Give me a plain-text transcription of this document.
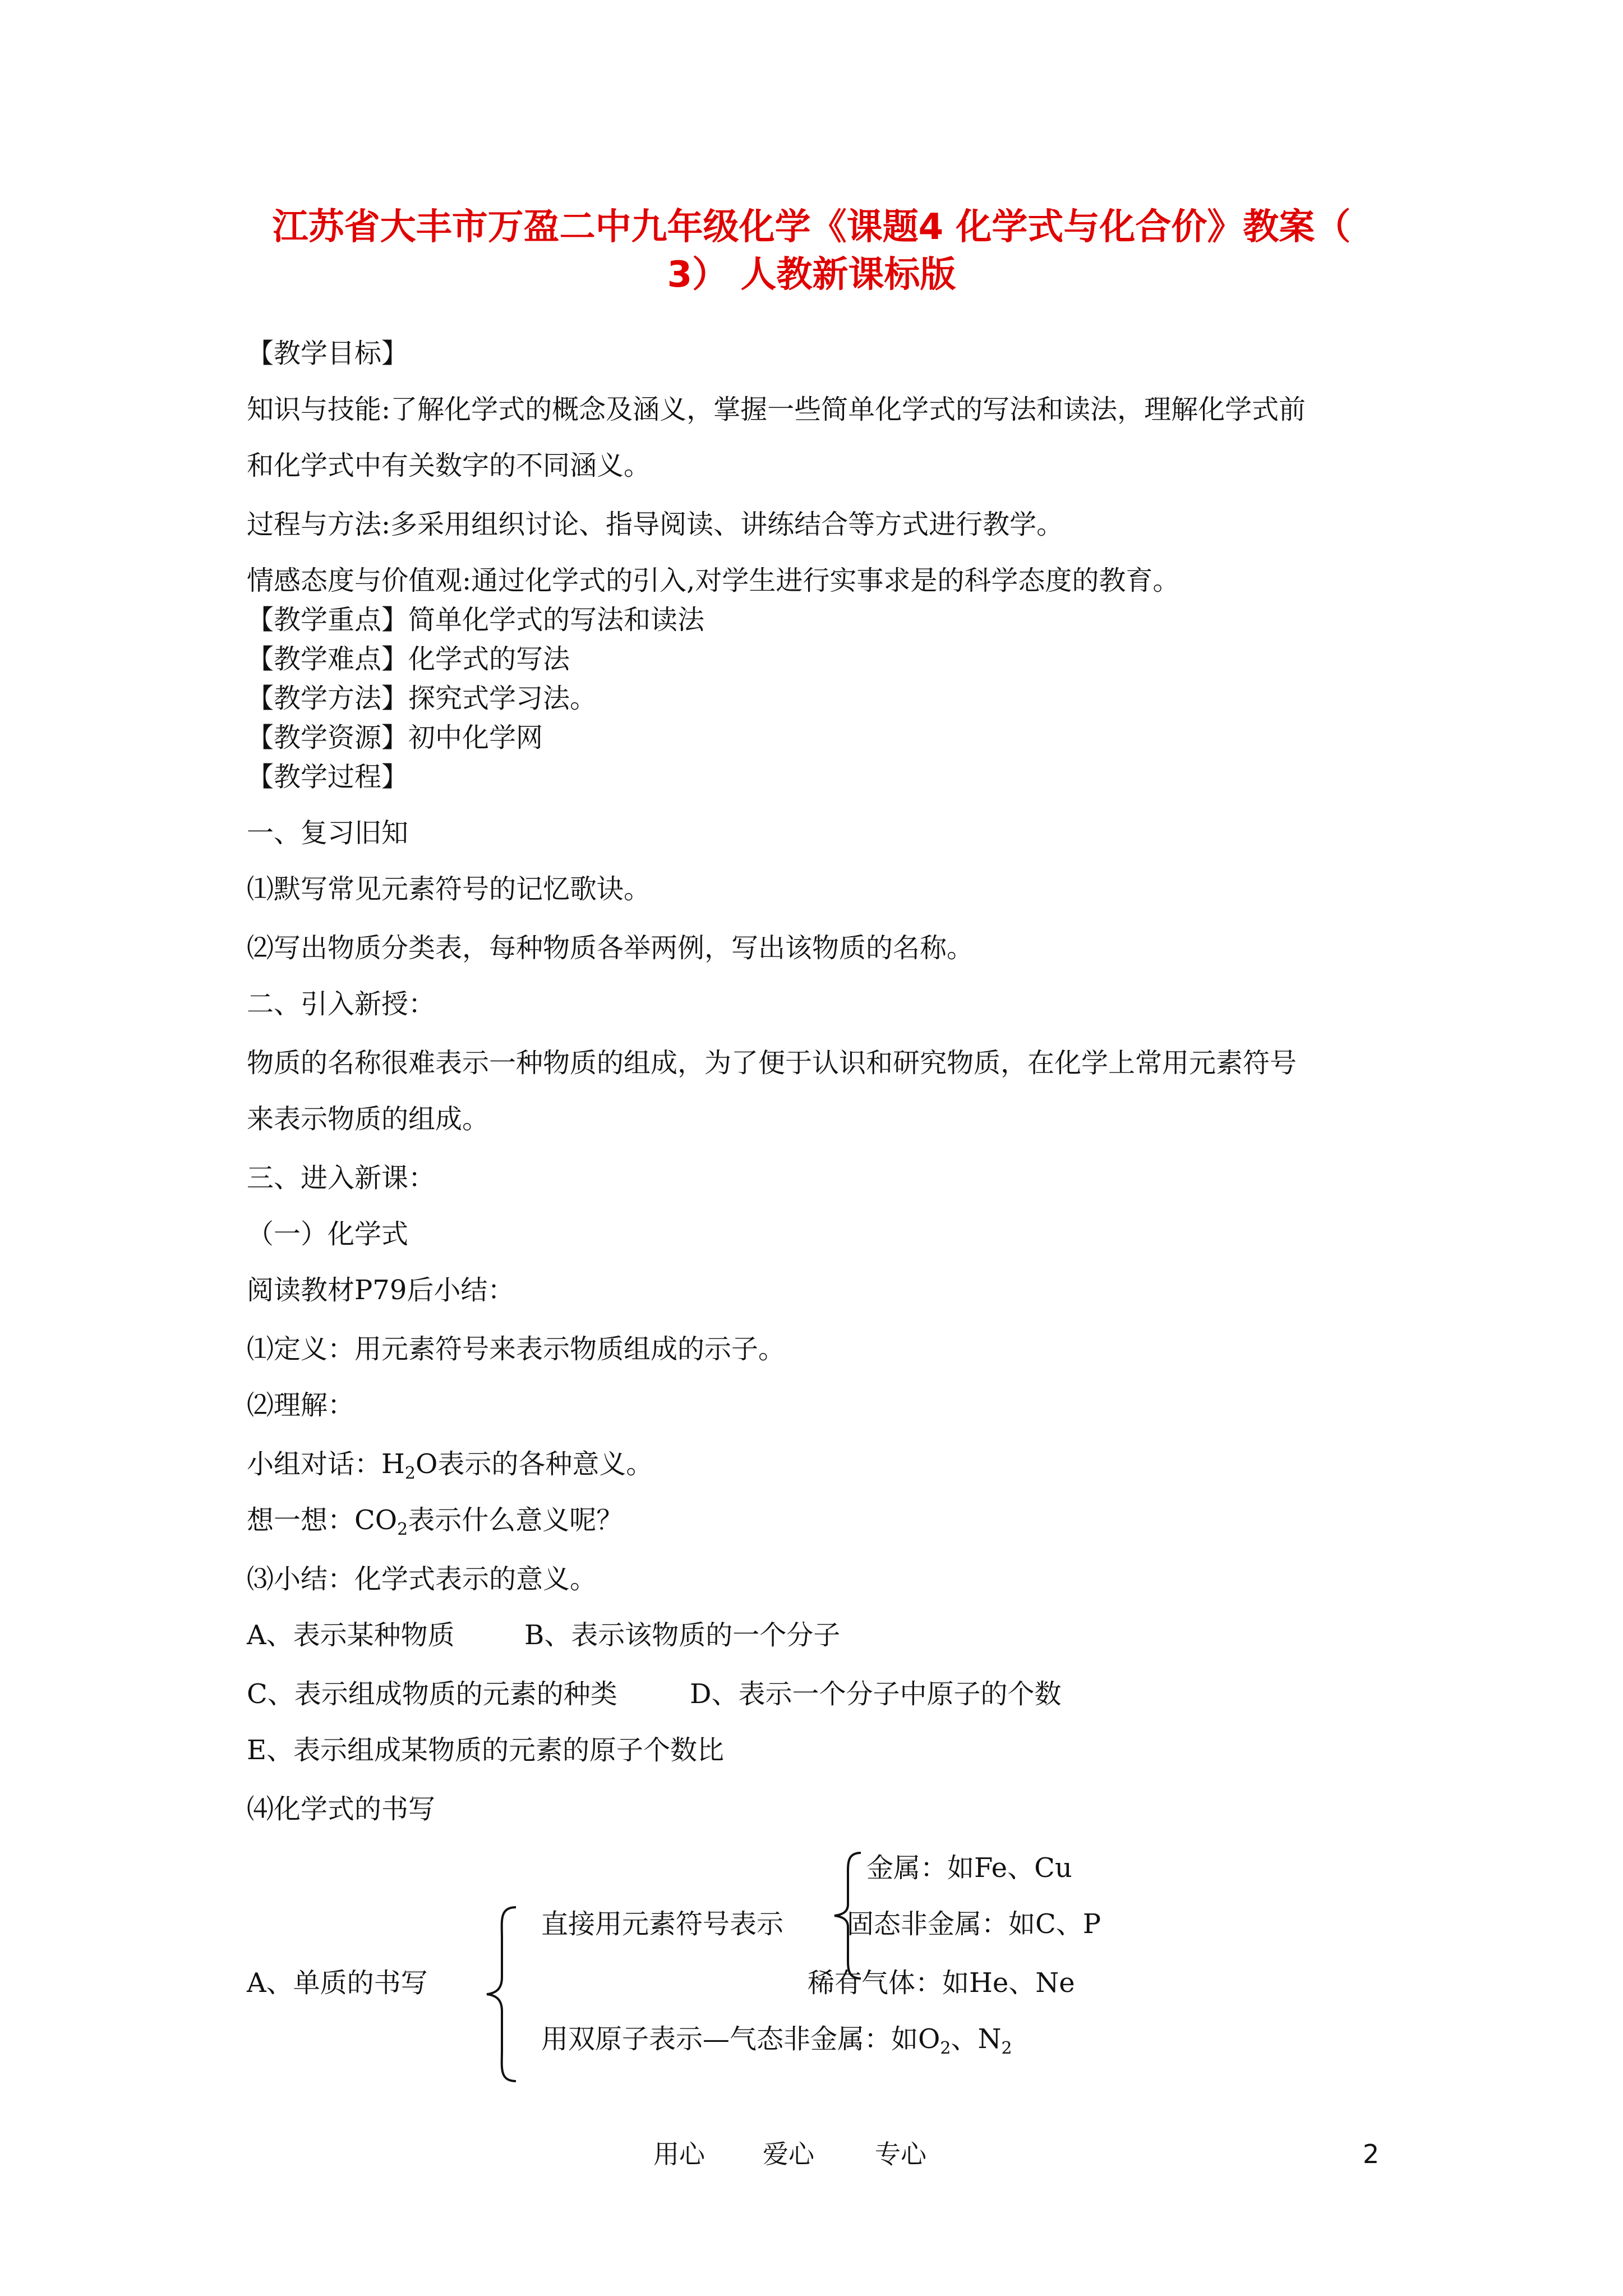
江苏省大丰市万盈二中九年级化学《课题4 化学式与化合价》教案（
3） 人教新课标版
【教学目标】
知识与技能:了解化学式的概念及涵义，掌握一些简单化学式的写法和读法，理解化学式前
和化学式中有关数字的不同涵义。
过程与方法:多采用组织讨论、指导阅读、讲练结合等方式进行教学。
情感态度与价值观:通过化学式的引入,对学生进行实事求是的科学态度的教育。
【教学重点】简单化学式的写法和读法
【教学难点】化学式的写法
【教学方法】探究式学习法。
【教学资源】初中化学网
【教学过程】
一、复习旧知
⑴默写常见元素符号的记忆歌诀。
⑵写出物质分类表，每种物质各举两例，写出该物质的名称。
二、引入新授：
物质的名称很难表示一种物质的组成，为了便于认识和研究物质，在化学上常用元素符号
来表示物质的组成。
三、进入新课：
（一）化学式
阅读教材P79后小结：
⑴定义：用元素符号来表示物质组成的示子。
⑵理解：
小组对话：$H_2O$表示的各种意义。
想一想：$CO_2$表示什么意义呢？
⑶小结：化学式表示的意义。
A、表示某种物质	B、表示该物质的一个分子
C、表示组成物质的元素的种类	D、表示一个分子中原子的个数
E、表示组成某物质的元素的原子个数比
⑷化学式的书写
A、单质的书写
直接用元素符号表示
金属：如Fe、Cu
固态非金属：如C、P
稀有气体：如He、Ne
用双原子表示—气态非金属：如$O_2$、$N_2$
用心 爱心 专心	2
